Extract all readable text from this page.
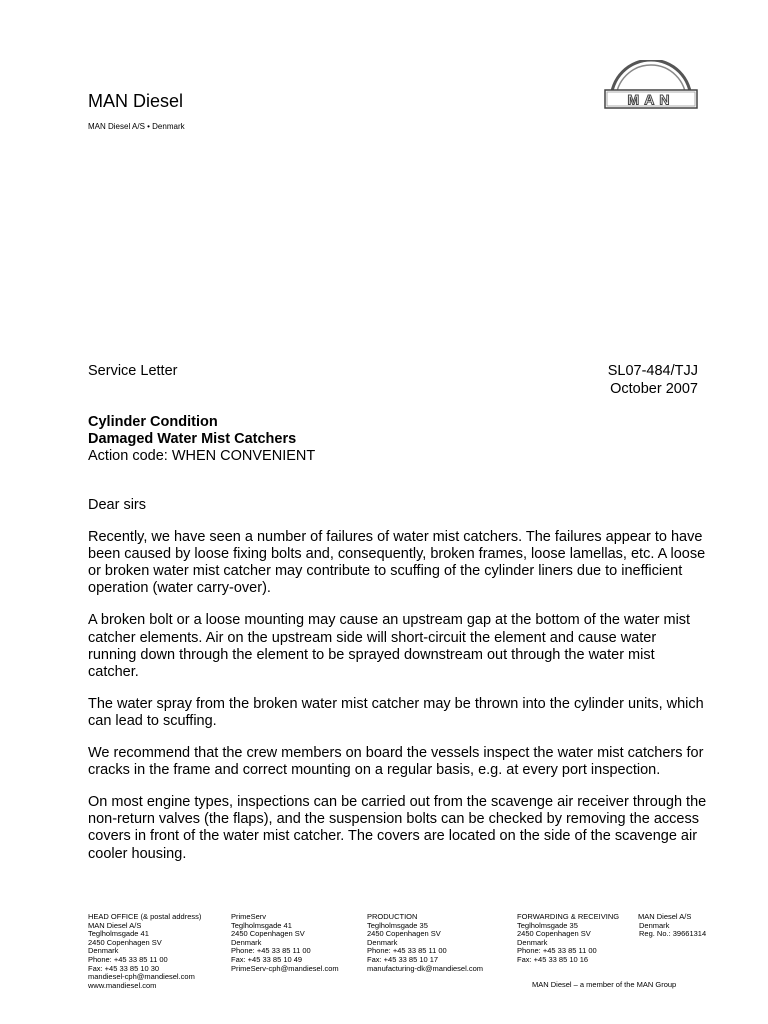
MAN Diesel
MAN Diesel A/S • Denmark
MAN
Service Letter	SL07-484/TJJ
October 2007
Cylinder Condition
Damaged Water Mist Catchers
Action code: WHEN CONVENIENT

Dear sirs

Recently, we have seen a number of failures of water mist catchers. The failures appear to have been caused by loose fixing bolts and, consequently, broken frames, loose lamellas, etc. A loose or broken water mist catcher may contribute to scuffing of the cylinder liners due to inefficient operation (water carry-over).

A broken bolt or a loose mounting may cause an upstream gap at the bottom of the water mist catcher elements. Air on the upstream side will short-circuit the element and cause water running down through the element to be sprayed downstream out through the water mist catcher.

The water spray from the broken water mist catcher may be thrown into the cylinder units, which can lead to scuffing.

We recommend that the crew members on board the vessels inspect the water mist catchers for cracks in the frame and correct mounting on a regular basis, e.g. at every port inspection.

On most engine types, inspections can be carried out from the scavenge air receiver through the non-return valves (the flaps), and the suspension bolts can be checked by removing the access covers in front of the water mist catcher. The covers are located on the side of the scavenge air cooler housing.

HEAD OFFICE (& postal address)
MAN Diesel A/S
Teglholmsgade 41
2450 Copenhagen SV
Denmark
Phone: +45 33 85 11 00
Fax: +45 33 85 10 30
mandiesel-cph@mandiesel.com
www.mandiesel.com
PrimeServ
Teglholmsgade 41
2450 Copenhagen SV
Denmark
Phone: +45 33 85 11 00
Fax: +45 33 85 10 49
PrimeServ-cph@mandiesel.com
PRODUCTION
Teglholmsgade 35
2450 Copenhagen SV
Denmark
Phone: +45 33 85 11 00
Fax: +45 33 85 10 17
manufacturing-dk@mandiesel.com
FORWARDING & RECEIVING
Teglholmsgade 35
2450 Copenhagen SV
Denmark
Phone: +45 33 85 11 00
Fax: +45 33 85 10 16
MAN Diesel A/S
Denmark
Reg. No.: 39661314
MAN Diesel – a member of the MAN Group
